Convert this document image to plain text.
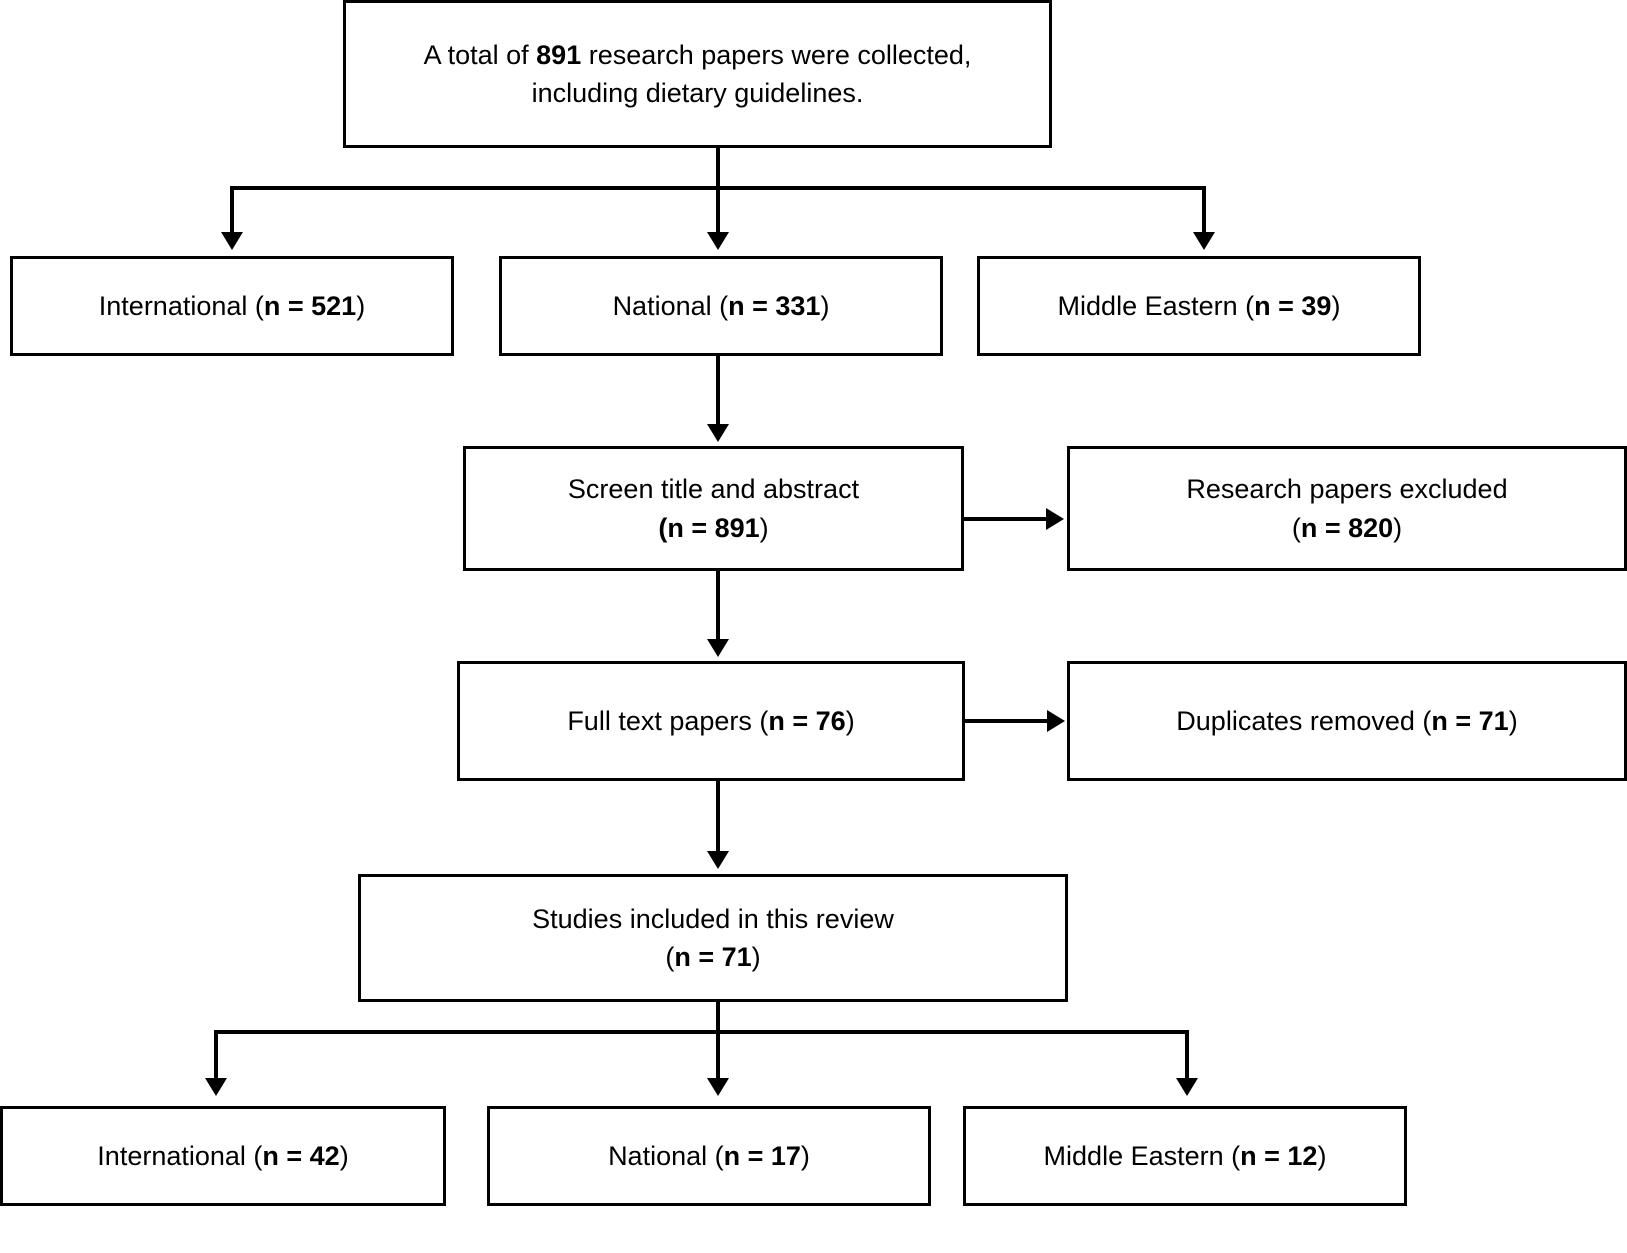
A total of 891 research papers were collected,
including dietary guidelines.
International (n = 521)	National (n = 331)	Middle Eastern (n = 39)
Screen title and abstract
(n = 891)
Research papers excluded
(n = 820)
Full text papers (n = 76)	Duplicates removed (n = 71)
Studies included in this review
(n = 71)
International (n = 42)	National (n = 17)	Middle Eastern (n = 12)
